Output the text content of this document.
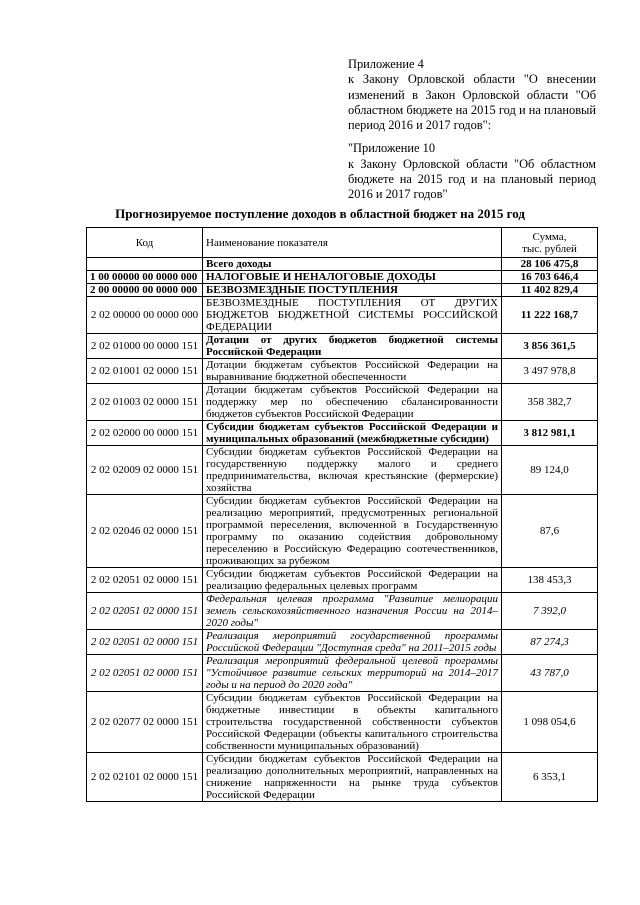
Приложение 4
к Закону Орловской области "О внесении изменений в Закон Орловской области "Об областном бюджете на 2015 год и на плановый период 2016 и 2017 годов":
"Приложение 10
к Закону Орловской области "Об областном бюджете на 2015 год и на плановый период 2016 и 2017 годов"
Прогнозируемое поступление доходов в областной бюджет на 2015 год
Код	Наименование показателя	Сумма,
тыс. рублей

	Всего доходы	28 106 475,8
1 00 00000 00 0000 000	НАЛОГОВЫЕ И НЕНАЛОГОВЫЕ ДОХОДЫ	16 703 646,4
2 00 00000 00 0000 000	БЕЗВОЗМЕЗДНЫЕ ПОСТУПЛЕНИЯ	11 402 829,4
2 02 00000 00 0000 000	БЕЗВОЗМЕЗДНЫЕ ПОСТУПЛЕНИЯ ОТ ДРУГИХ БЮДЖЕТОВ БЮДЖЕТНОЙ СИСТЕМЫ РОССИЙСКОЙ ФЕДЕРАЦИИ	11 222 168,7
2 02 01000 00 0000 151	Дотации от других бюджетов бюджетной системы Российской Федерации	3 856 361,5
2 02 01001 02 0000 151	Дотации бюджетам субъектов Российской Федерации на выравнивание бюджетной обеспеченности	3 497 978,8
2 02 01003 02 0000 151	Дотации бюджетам субъектов Российской Федерации на поддержку мер по обеспечению сбалансированности бюджетов субъектов Российской Федерации	358 382,7
2 02 02000 00 0000 151	Субсидии бюджетам субъектов Российской Федерации и муниципальных образований (межбюджетные субсидии)	3 812 981,1
2 02 02009 02 0000 151	Субсидии бюджетам субъектов Российской Федерации на государственную поддержку малого и среднего предпринимательства, включая крестьянские (фермерские) хозяйства	89 124,0
2 02 02046 02 0000 151	Субсидии бюджетам субъектов Российской Федерации на реализацию мероприятий, предусмотренных региональной программой переселения, включенной в Государственную программу по оказанию содействия добровольному переселению в Российскую Федерацию соотечественников, проживающих за рубежом	87,6
2 02 02051 02 0000 151	Субсидии бюджетам субъектов Российской Федерации на реализацию федеральных целевых программ	138 453,3
2 02 02051 02 0000 151	Федеральная целевая программа "Развитие мелиорации земель сельскохозяйственного назначения России на 2014–2020 годы"	7 392,0
2 02 02051 02 0000 151	Реализация мероприятий государственной программы Российской Федерации "Доступная среда" на 2011–2015 годы	87 274,3
2 02 02051 02 0000 151	Реализация мероприятий федеральной целевой программы "Устойчивое развитие сельских территорий на 2014–2017 годы и на период до 2020 года"	43 787,0
2 02 02077 02 0000 151	Субсидии бюджетам субъектов Российской Федерации на бюджетные инвестиции в объекты капитального строительства государственной собственности субъектов Российской Федерации (объекты капитального строительства собственности муниципальных образований)	1 098 054,6
2 02 02101 02 0000 151	Субсидии бюджетам субъектов Российской Федерации на реализацию дополнительных мероприятий, направленных на снижение напряженности на рынке труда субъектов Российской Федерации	6 353,1
